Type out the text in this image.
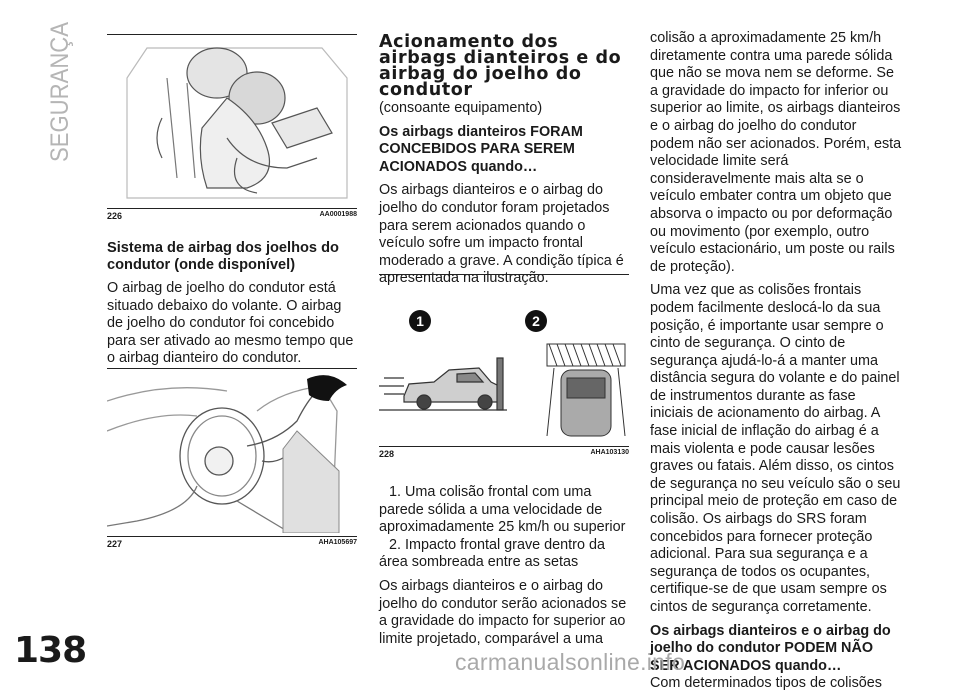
SEGURANÇA
138
226	AA0001988
Sistema de airbag dos joelhos do condutor (onde disponível)

O airbag de joelho do condutor está situado debaixo do volante. O airbag de joelho do condutor foi concebido para ser ativado ao mesmo tempo que o airbag dianteiro do condutor.

227	AHA105697
Acionamento dos
airbags dianteiros e do
airbag do joelho do
condutor

(consoante equipamento)

Os airbags dianteiros FORAM CONCEBIDOS PARA SEREM ACIONADOS quando…

Os airbags dianteiros e o airbag do joelho do condutor foram projetados para serem acionados quando o veículo sofre um impacto frontal moderado a grave. A condição típica é apresentada na ilustração.

1	2
228	AHA103130

1. Uma colisão frontal com uma parede sólida a uma velocidade de aproximadamente 25 km/h ou superior

2. Impacto frontal grave dentro da área sombreada entre as setas

Os airbags dianteiros e o airbag do joelho do condutor serão acionados se a gravidade do impacto for superior ao limite projetado, comparável a uma

colisão a aproximadamente 25 km/h diretamente contra uma parede sólida que não se mova nem se deforme. Se a gravidade do impacto for inferior ou superior ao limite, os airbags dianteiros e o airbag do joelho do condutor podem não ser acionados. Porém, esta velocidade limite será consideravelmente mais alta se o veículo embater contra um objeto que absorva o impacto ou por deformação ou movimento (por exemplo, outro veículo estacionário, um poste ou rails de proteção).

Uma vez que as colisões frontais podem facilmente deslocá-lo da sua posição, é importante usar sempre o cinto de segurança. O cinto de segurança ajudá-lo-á a manter uma distância segura do volante e do painel de instrumentos durante as fase iniciais de acionamento do airbag. A fase inicial de inflação do airbag é a mais violenta e pode causar lesões graves ou fatais. Além disso, os cintos de segurança no seu veículo são o seu principal meio de proteção em caso de colisão. Os airbags do SRS foram concebidos para fornecer proteção adicional. Para sua segurança e a segurança de todos os ocupantes, certifique-se de que usam sempre os cintos de segurança corretamente.

Os airbags dianteiros e o airbag do joelho do condutor PODEM NÃO SER ACIONADOS quando…

Com determinados tipos de colisões

carmanualsonline.info
